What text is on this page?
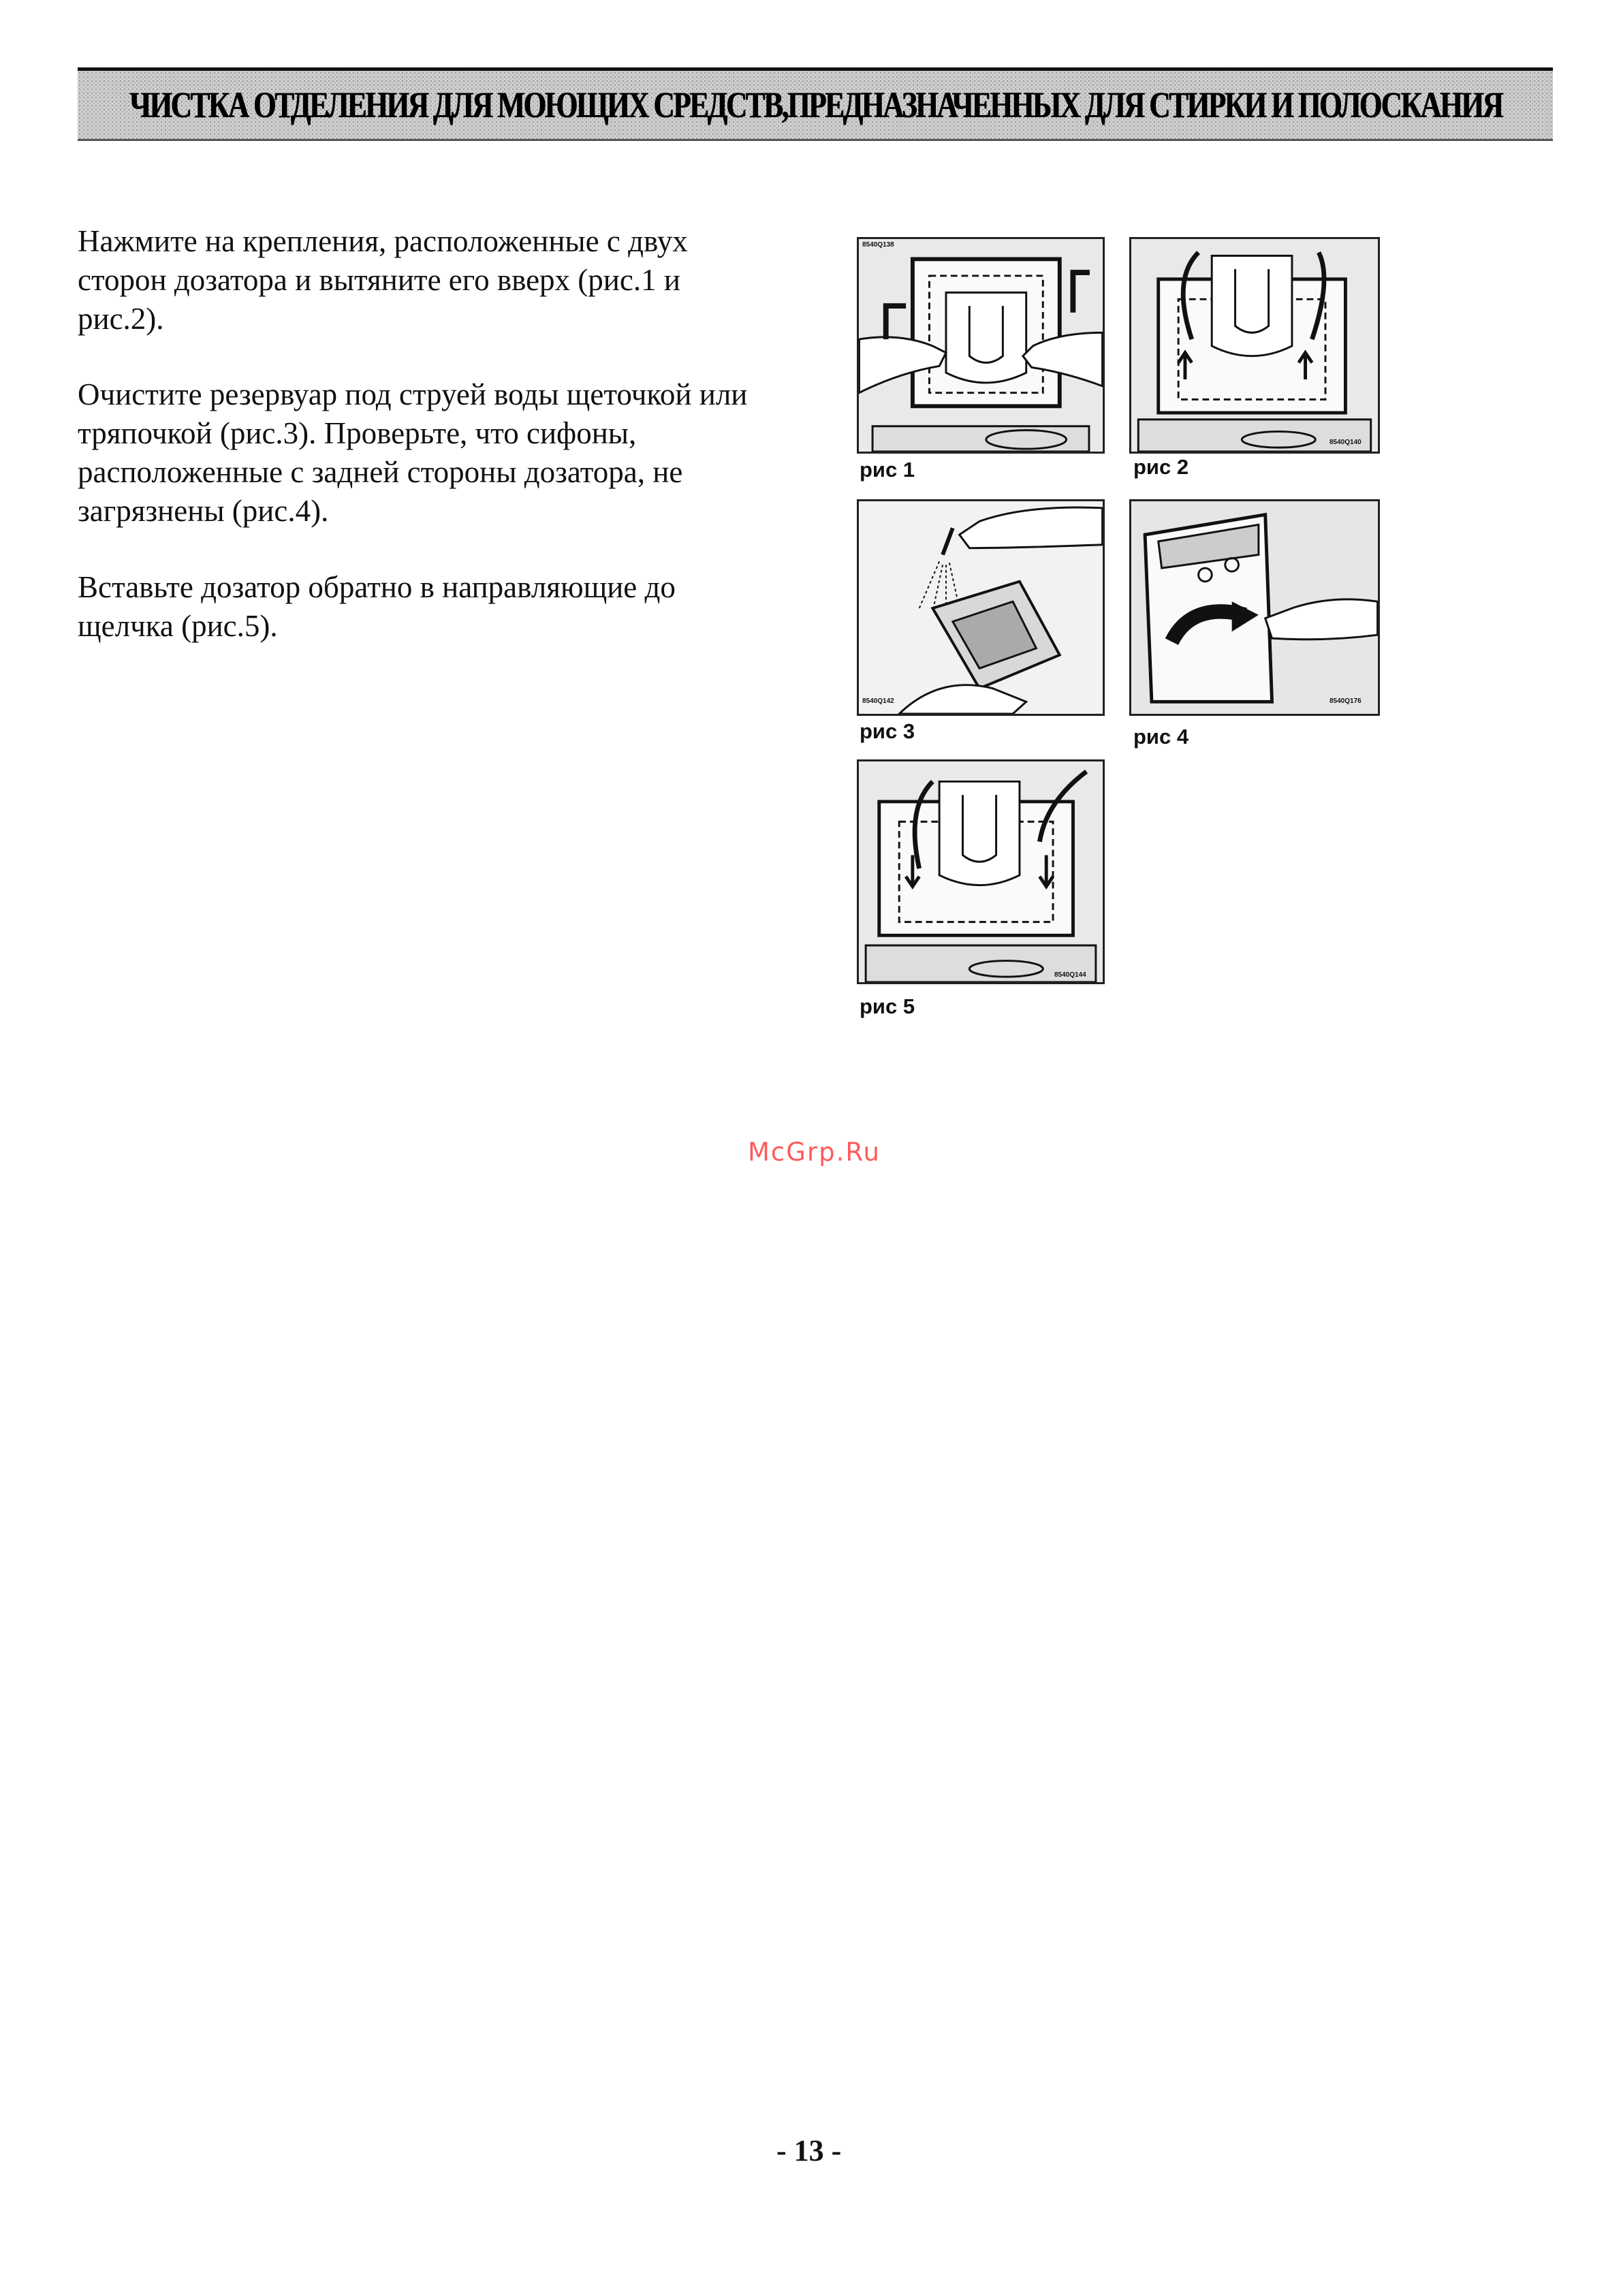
ЧИСТКА ОТДЕЛЕНИЯ ДЛЯ МОЮЩИХ СРЕДСТВ,ПРЕДНАЗНАЧЕННЫХ ДЛЯ СТИРКИ И ПОЛОСКАНИЯ

Нажмите на крепления, расположенные с двух сторон дозатора и вытяните его вверх (рис.1 и рис.2).

Очистите резервуар под струей воды щеточкой или тряпочкой (рис.3). Проверьте, что сифоны, расположенные с задней стороны дозатора, не загрязнены (рис.4).

Вставьте дозатор обратно в направляющие до щелчка (рис.5).

8540Q138
рис 1
8540Q140
рис 2
8540Q142
рис 3
8540Q176
рис 4
8540Q144
рис 5
McGrp.Ru
- 13 -
